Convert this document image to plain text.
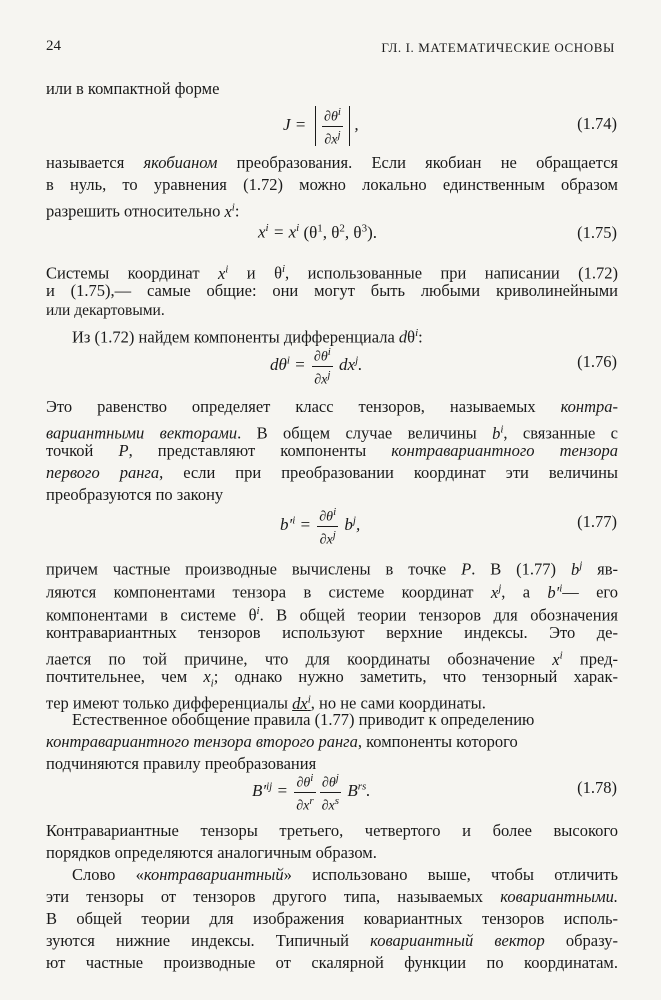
24	ГЛ. I. МАТЕМАТИЧЕСКИЕ ОСНОВЫ
или в компактной форме
$J = \frac{\partial\theta^i}{\partial x^j}$ ,	(1.74)
называется якобианом преобразования. Если якобиан не обращается
в нуль, то уравнения (1.72) можно локально единственным образом
разрешить относительно $x^i$:
$x^i = x^i$ ($\theta^1$, $\theta^2$, $\theta^3$).	(1.75)
Системы координат $x^i$ и $\theta^i$, использованные при написании (1.72)
и (1.75),— самые общие: они могут быть любыми криволинейными
или декартовыми.
Из (1.72) найдем компоненты дифференциала $d\theta^i$:
$d\theta^i = \frac{\partial\theta^i}{\partial x^j} dx^j$.	(1.76)
Это равенство определяет класс тензоров, называемых контра-
вариантными векторами. В общем случае величины $b^i$, связанные с
точкой P, представляют компоненты контравариантного тензора
первого ранга, если при преобразовании координат эти величины
преобразуются по закону
$b'^i = \frac{\partial\theta^i}{\partial x^j} b^j$,	(1.77)
причем частные производные вычислены в точке P. В (1.77) $b^j$ яв-
ляются компонентами тензора в системе координат $x^j$, а $b'^i—$ его
компонентами в системе $\theta^i$. В общей теории тензоров для обозначения
контравариантных тензоров используют верхние индексы. Это де-
лается по той причине, что для координаты обозначение $x^i$ пред-
почтительнее, чем $x_i$; однако нужно заметить, что тензорный харак-
тер имеют только дифференциалы $dx^i$, но не сами координаты.
Естественное обобщение правила (1.77) приводит к определению
контравариантного тензора второго ранга, компоненты которого
подчиняются правилу преобразования
$B'^{ij} = \frac{\partial\theta^i}{\partial x^r} \frac{\partial\theta^j}{\partial x^s} B^{rs}$.	(1.78)
Контравариантные тензоры третьего, четвертого и более высокого
порядков определяются аналогичным образом.
Слово «контравариантный» использовано выше, чтобы отличить
эти тензоры от тензоров другого типа, называемых ковариантными.
В общей теории для изображения ковариантных тензоров исполь-
зуются нижние индексы. Типичный ковариантный вектор образу-
ют частные производные от скалярной функции по координатам.
